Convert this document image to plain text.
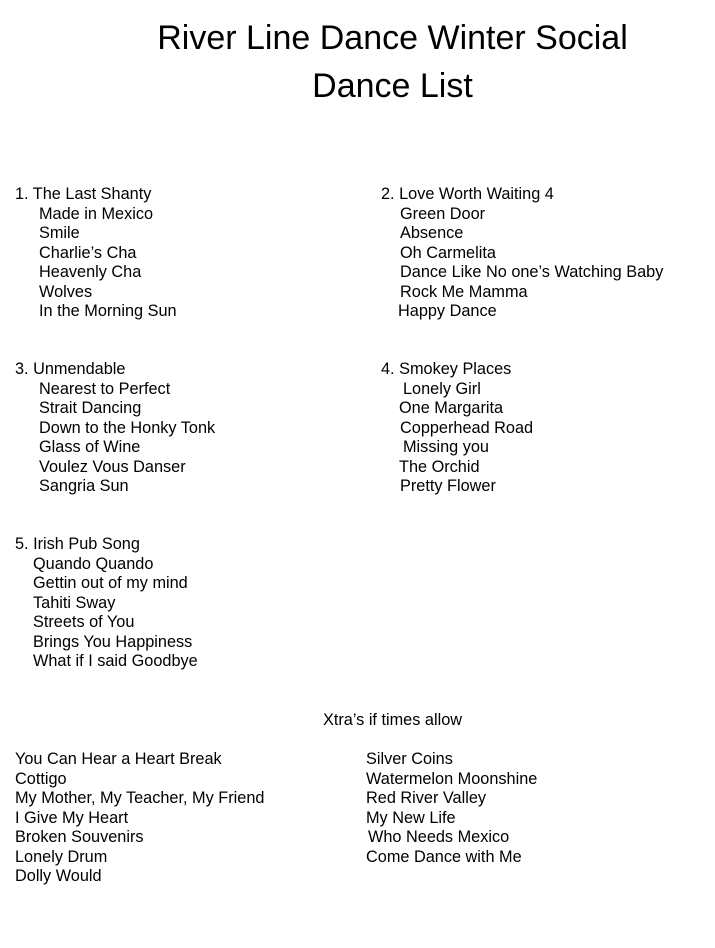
River Line Dance Winter Social
Dance List
1. The Last Shanty
Made in Mexico
Smile
Charlie’s Cha
Heavenly Cha
Wolves
In the Morning Sun
2. Love Worth Waiting 4
Green Door
Absence
Oh Carmelita
Dance Like No one’s Watching Baby
Rock Me Mamma
Happy Dance
3. Unmendable
Nearest to Perfect
Strait Dancing
Down to the Honky Tonk
Glass of Wine
Voulez Vous Danser
Sangria Sun
4. Smokey Places
Lonely Girl
One Margarita
Copperhead Road
Missing you
The Orchid
Pretty Flower
5. Irish Pub Song
Quando Quando
Gettin out of my mind
Tahiti Sway
Streets of You
Brings You Happiness
What if I said Goodbye
Xtra’s if times allow
You Can Hear a Heart Break
Cottigo
My Mother, My Teacher, My Friend
I Give My Heart
Broken Souvenirs
Lonely Drum
Dolly Would
Silver Coins
Watermelon Moonshine
Red River Valley
My New Life
Who Needs Mexico
Come Dance with Me
